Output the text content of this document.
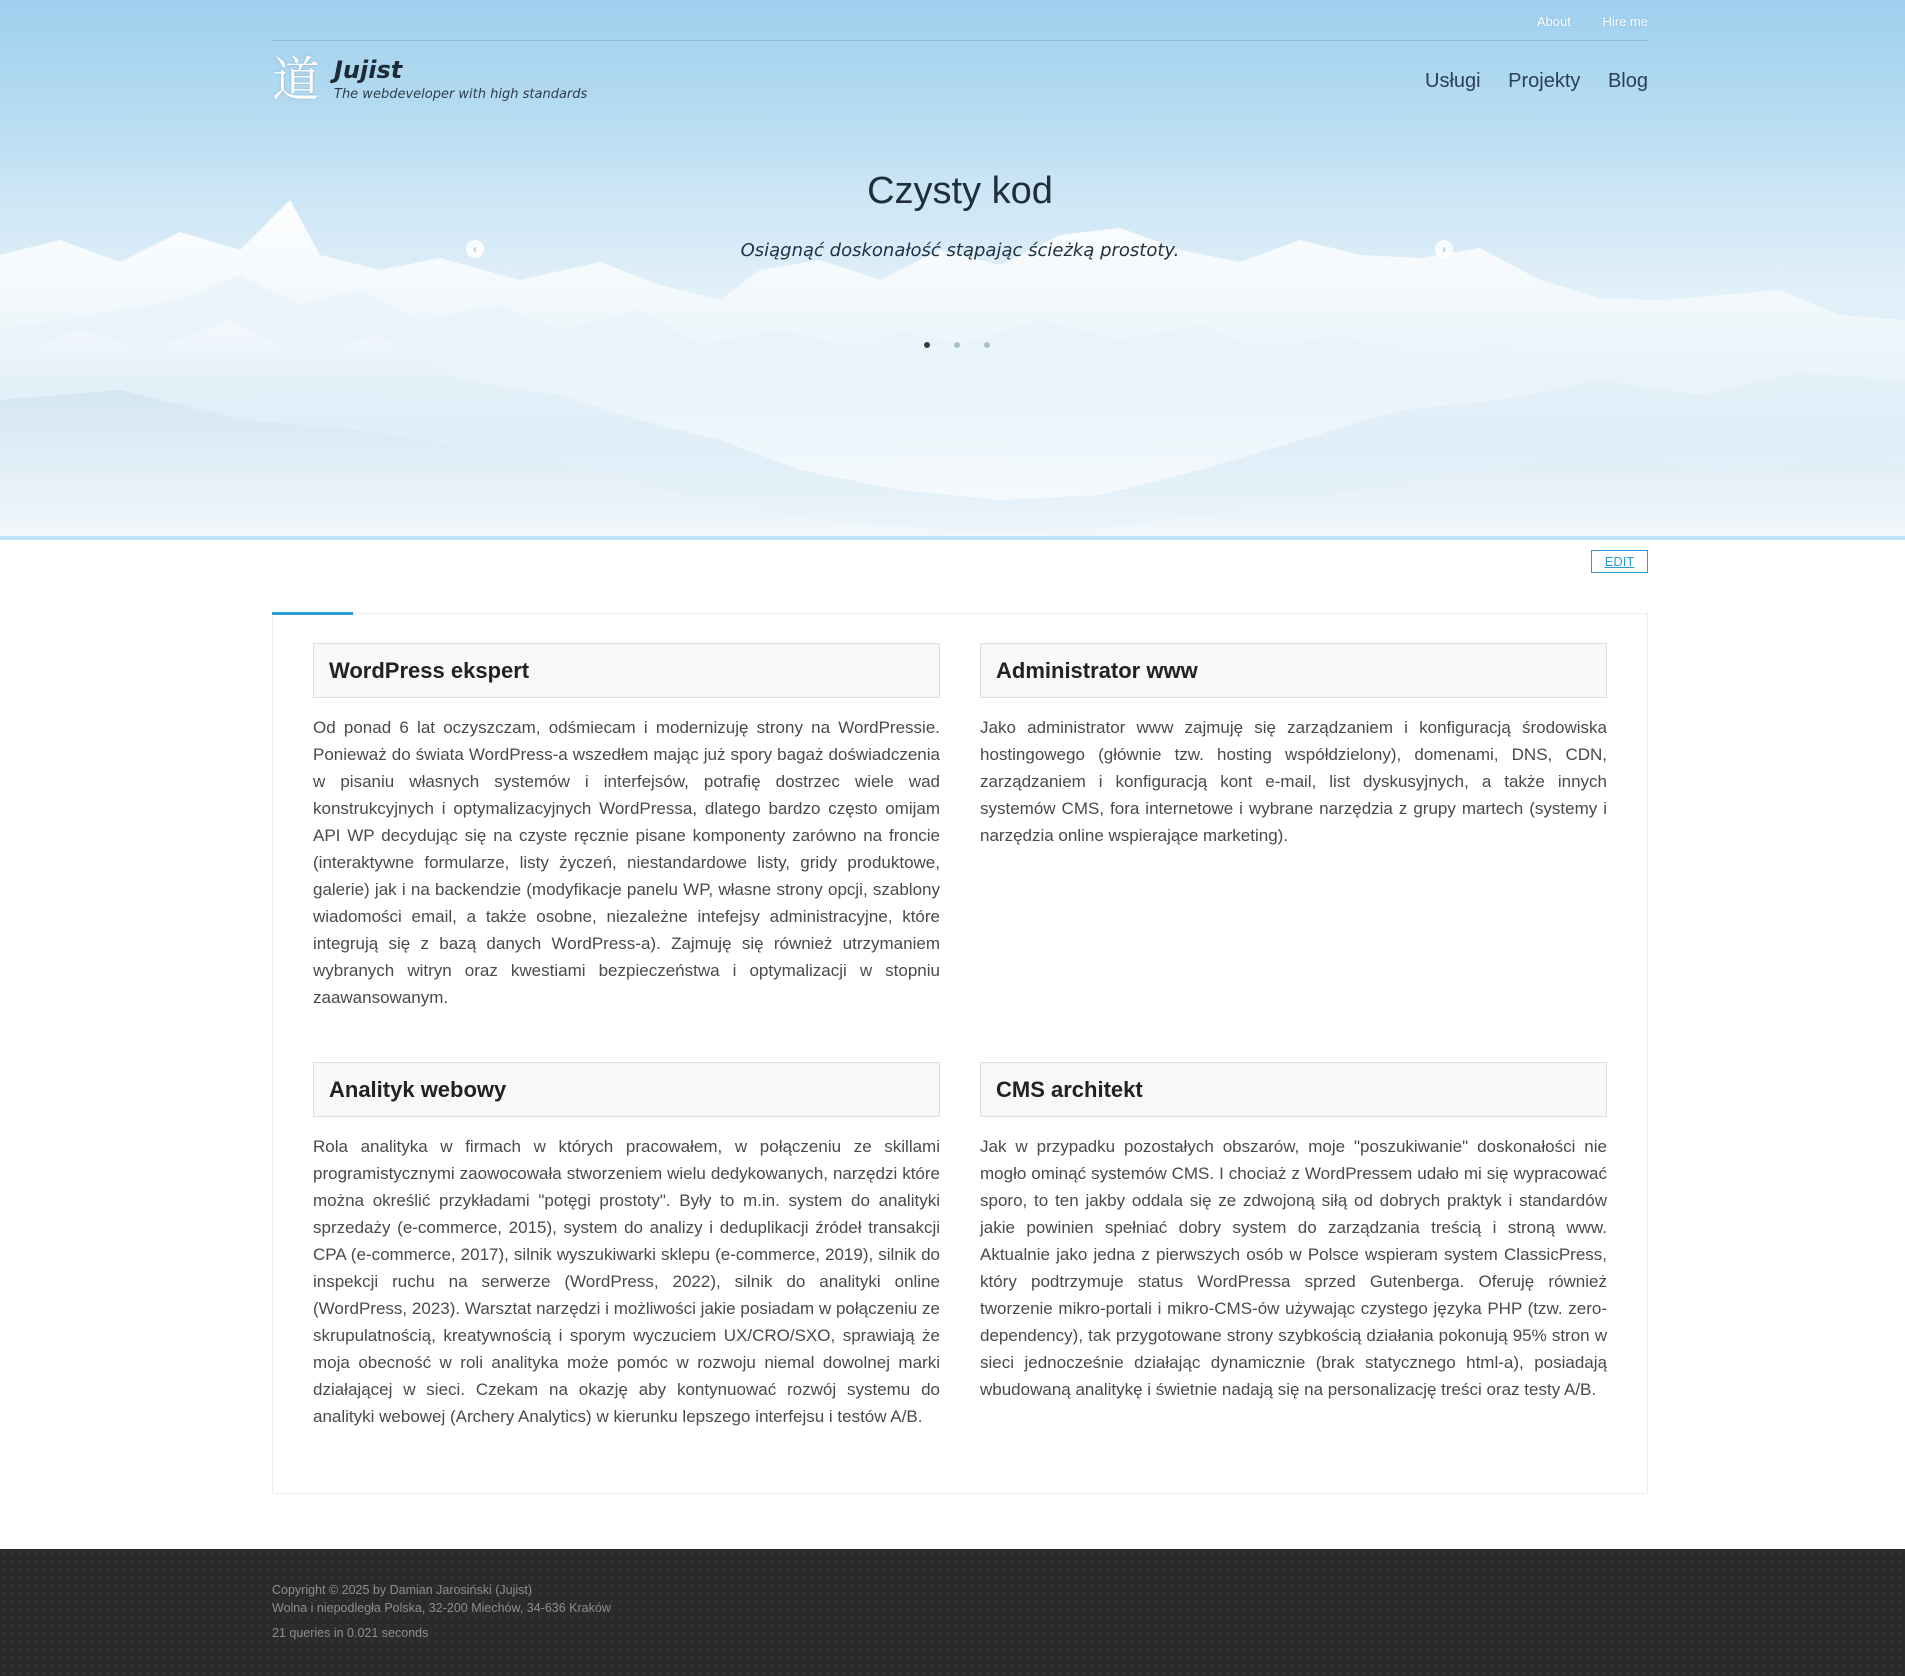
About Hire me
道 Jujist
The webdeveloper with high standards
Usługi Projekty Blog
Czysty kod

Osiągnąć doskonałość stąpając ścieżką prostoty.

‹	›
EDIT
WordPress ekspert

Od ponad 6 lat oczyszczam, odśmiecam i modernizuję strony na WordPressie. Ponieważ do świata WordPress-a wszedłem mając już spory bagaż doświadczenia w pisaniu własnych systemów i interfejsów, potrafię dostrzec wiele wad konstrukcyjnych i optymalizacyjnych WordPressa, dlatego bardzo często omijam API WP decydując się na czyste ręcznie pisane komponenty zarówno na froncie (interaktywne formularze, listy życzeń, niestandardowe listy, gridy produktowe, galerie) jak i na backendzie (modyfikacje panelu WP, własne strony opcji, szablony wiadomości email, a także osobne, niezależne intefejsy administracyjne, które integrują się z bazą danych WordPress-a). Zajmuję się również utrzymaniem wybranych witryn oraz kwestiami bezpieczeństwa i optymalizacji w stopniu zaawansowanym.

Administrator www

Jako administrator www zajmuję się zarządzaniem i konfiguracją środowiska hostingowego (głównie tzw. hosting współdzielony), domenami, DNS, CDN, zarządzaniem i konfiguracją kont e-mail, list dyskusyjnych, a także innych systemów CMS, fora internetowe i wybrane narzędzia z grupy martech (systemy i narzędzia online wspierające marketing).

Analityk webowy

Rola analityka w firmach w których pracowałem, w połączeniu ze skillami programistycznymi zaowocowała stworzeniem wielu dedykowanych, narzędzi które można określić przykładami "potęgi prostoty". Były to m.in. system do analityki sprzedaży (e-commerce, 2015), system do analizy i deduplikacji źródeł transakcji CPA (e-commerce, 2017), silnik wyszukiwarki sklepu (e-commerce, 2019), silnik do inspekcji ruchu na serwerze (WordPress, 2022), silnik do analityki online (WordPress, 2023). Warsztat narzędzi i możliwości jakie posiadam w połączeniu ze skrupulatnością, kreatywnością i sporym wyczuciem UX/CRO/SXO, sprawiają że moja obecność w roli analityka może pomóc w rozwoju niemal dowolnej marki działającej w sieci. Czekam na okazję aby kontynuować rozwój systemu do analityki webowej (Archery Analytics) w kierunku lepszego interfejsu i testów A/B.

CMS architekt

Jak w przypadku pozostałych obszarów, moje "poszukiwanie" doskonałości nie mogło ominąć systemów CMS. I chociaż z WordPressem udało mi się wypracować sporo, to ten jakby oddala się ze zdwojoną siłą od dobrych praktyk i standardów jakie powinien spełniać dobry system do zarządzania treścią i stroną www. Aktualnie jako jedna z pierwszych osób w Polsce wspieram system ClassicPress, który podtrzymuje status WordPressa sprzed Gutenberga. Oferuję również tworzenie mikro-portali i mikro-CMS-ów używając czystego języka PHP (tzw. zero-dependency), tak przygotowane strony szybkością działania pokonują 95% stron w sieci jednocześnie działając dynamicznie (brak statycznego html-a), posiadają wbudowaną analitykę i świetnie nadają się na personalizację treści oraz testy A/B.

Copyright © 2025 by Damian Jarosiński (Jujist)
Wolna i niepodległa Polska, 32-200 Miechów, 34-636 Kraków
21 queries in 0.021 seconds
